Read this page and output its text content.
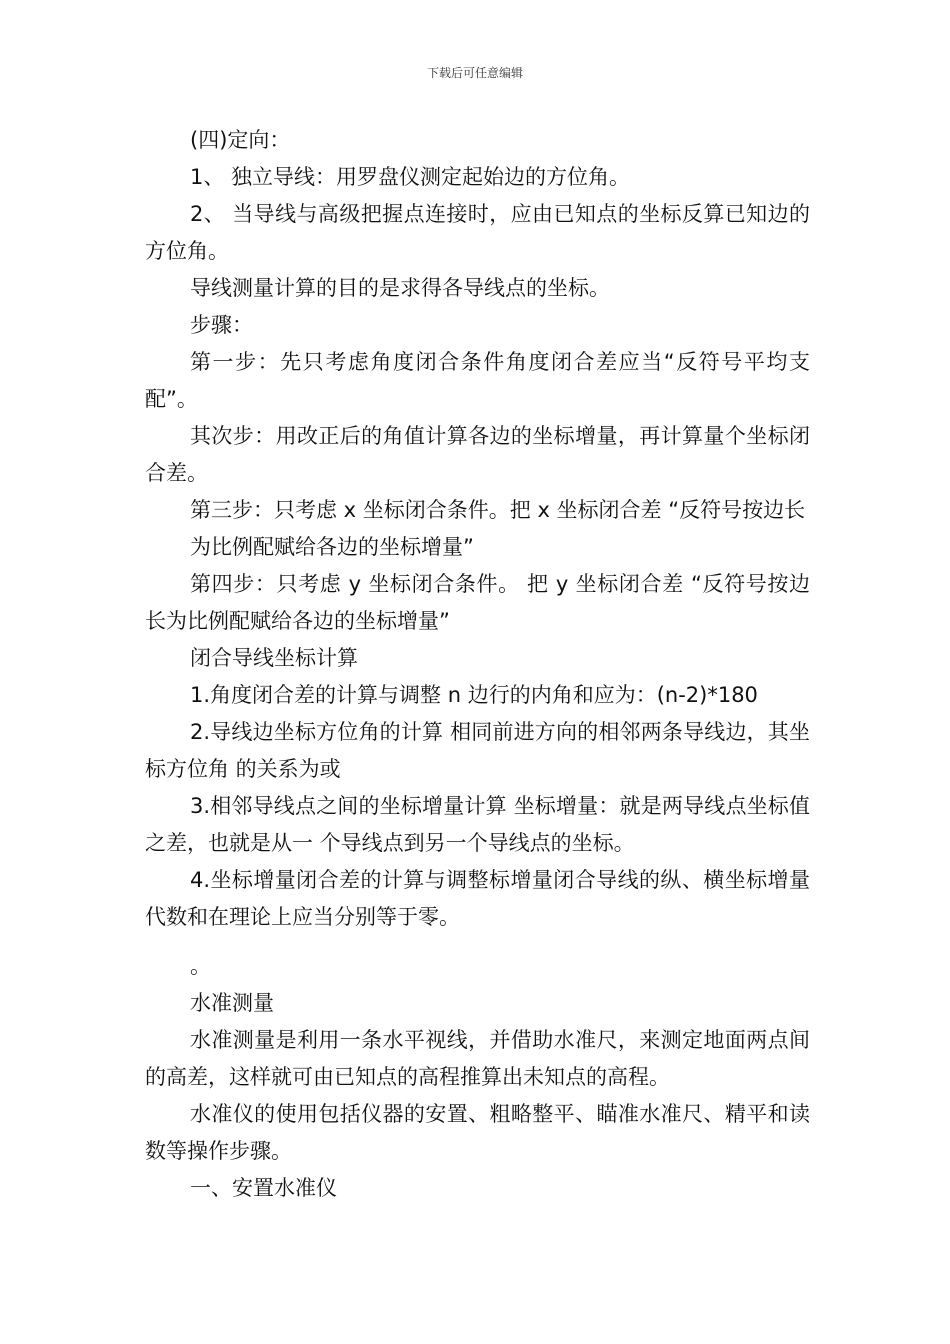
下载后可任意编辑

(四)定向：

1、 独立导线：用罗盘仪测定起始边的方位角。

2、 当导线与高级把握点连接时，应由已知点的坐标反算已知边的方位角。

导线测量计算的目的是求得各导线点的坐标。

步骤：

第一步：先只考虑角度闭合条件角度闭合差应当“反符号平均支配”。

其次步：用改正后的角值计算各边的坐标增量，再计算量个坐标闭合差。

第三步：只考虑 x 坐标闭合条件。把 x 坐标闭合差 “反符号按边长

为比例配赋给各边的坐标增量”

第四步：只考虑 y 坐标闭合条件。 把 y 坐标闭合差 “反符号按边长为比例配赋给各边的坐标增量”

闭合导线坐标计算

1.角度闭合差的计算与调整 n 边行的内角和应为：(n-2)*180

2.导线边坐标方位角的计算 相同前进方向的相邻两条导线边，其坐标方位角 的关系为或

3.相邻导线点之间的坐标增量计算 坐标增量：就是两导线点坐标值之差，也就是从一 个导线点到另一个导线点的坐标。

4.坐标增量闭合差的计算与调整标增量闭合导线的纵、横坐标增量代数和在理论上应当分别等于零。

。

水准测量

水准测量是利用一条水平视线，并借助水准尺，来测定地面两点间的高差，这样就可由已知点的高程推算出未知点的高程。

水准仪的使用包括仪器的安置、粗略整平、瞄准水准尺、精平和读数等操作步骤。

一、安置水准仪
